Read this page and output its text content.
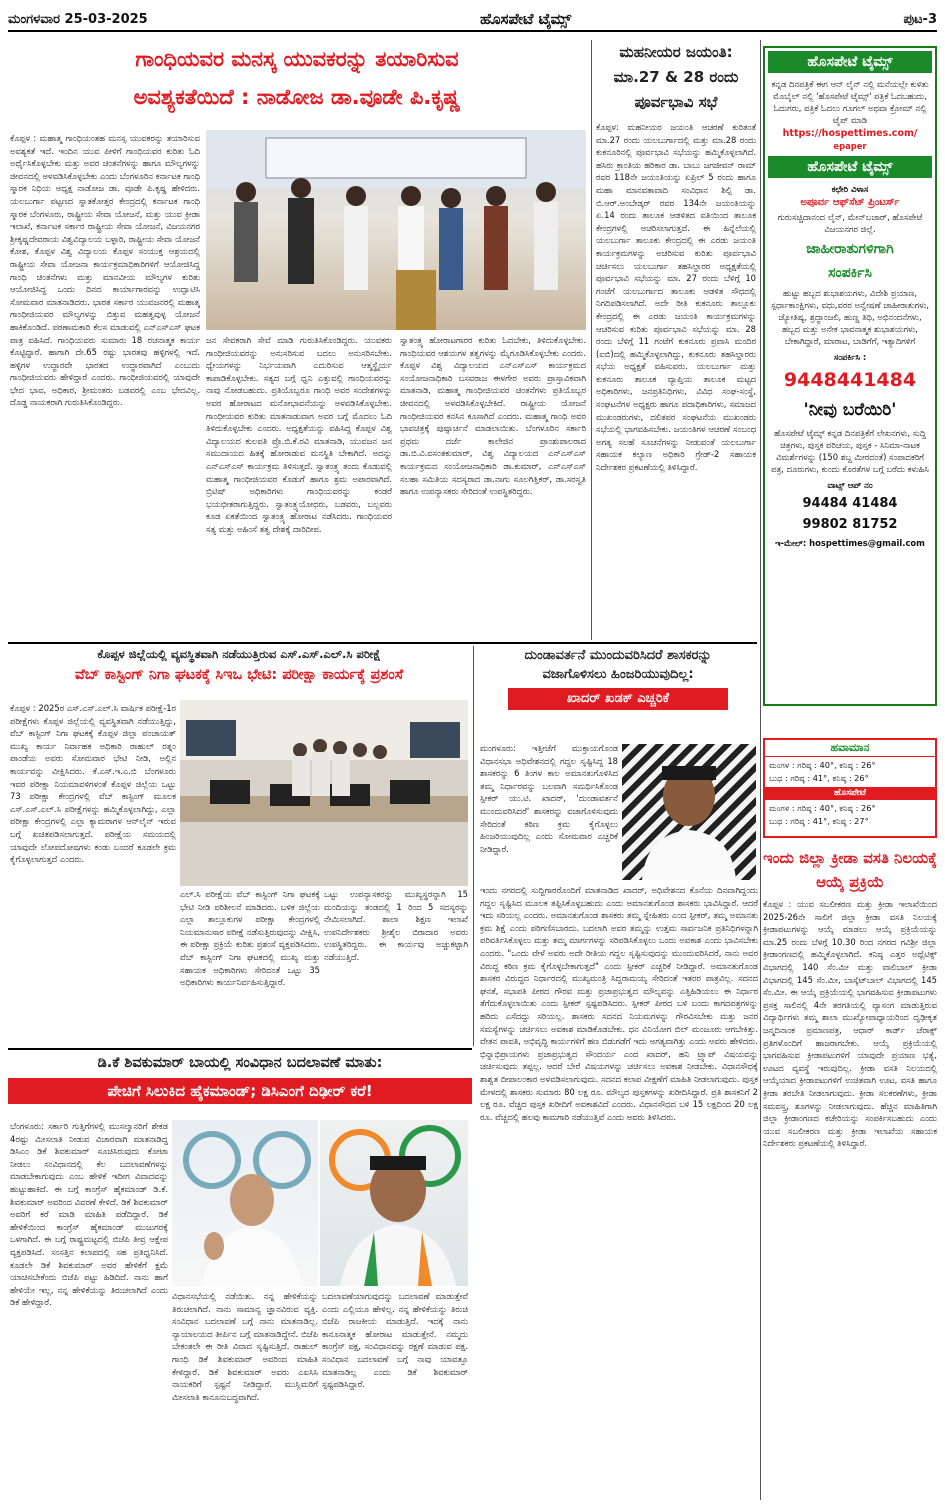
ಮಂಗಳವಾರ 25-03-2025	ಹೊಸಪೇಟೆ ಟೈಮ್ಸ್	ಪುಟ-3
ಗಾಂಧಿಯವರ ಮನಸ್ಕ ಯುವಕರನ್ನು ತಯಾರಿಸುವ
ಅವಶ್ಯಕತೆಯಿದೆ : ನಾಡೋಜ ಡಾ.ವೂಡೇ ಪಿ.ಕೃಷ್ಣ

ಕೊಪ್ಪಳ : ಮಹಾತ್ಮ ಗಾಂಧಿಯಂತಹ ಮನಸ್ಸ ಯುವಕರನ್ನು ತಯಾರಿಸುವ ಅವಶ್ಯಕತೆ ಇದೆ. ಇಂದಿನ ಯುವ ಪೀಳಿಗೆ ಗಾಂಧಿಯವರ ಕುರಿತು ಓದಿ ಅರ್ಥೈಸಿಕೊಳ್ಳಬೇಕು ಮತ್ತು ಅವರ ಚಿಂತನೆಗಳನ್ನು ಹಾಗೂ ಮೌಲ್ಯಗಳನ್ನು ಜೀವನದಲ್ಲಿ ಅಳವಡಿಸಿಕೊಳ್ಳಬೇಕು ಎಂದು ಬೆಂಗಳೂರಿನ ಕರ್ನಾಟಕ ಗಾಂಧಿ ಸ್ಮಾರಕ ನಿಧಿಯ ಅಧ್ಯಕ್ಷ ನಾಡೋಜ ಡಾ. ವೂಡೇ ಪಿ.ಕೃಷ್ಣ ಹೇಳಿದರು. ಯಲಬುರ್ಗಾ ಪಟ್ಟಣದ ಸ್ನಾತಕೋತ್ತರ ಕೇಂದ್ರದಲ್ಲಿ ಕರ್ನಾಟಕ ಗಾಂಧಿ ಸ್ಮಾರಕ ಬೆಂಗಳೂರು, ರಾಷ್ಟ್ರೀಯ ಸೇವಾ ಯೋಜನೆ, ಮತ್ತು ಯುವ ಕ್ರೀಡಾ ಇಲಾಖೆ, ಕರ್ನಾಟಕ ಸರ್ಕಾರ ರಾಷ್ಟ್ರೀಯ ಸೇವಾ ಯೋಜನೆ, ವಿಜಯನಗರ ಶ್ರೀಕೃಷ್ಣದೇವರಾಯ ವಿಶ್ವವಿದ್ಯಾಲಯ ಬಳ್ಳಾರಿ, ರಾಷ್ಟ್ರೀಯ ಸೇವಾ ಯೋಜನೆ ಕೋಶ, ಕೊಪ್ಪಳ ವಿಶ್ವ ವಿದ್ಯಾಲಯ ಕೊಪ್ಪಳ ಸಂಯುಕ್ತ ಆಶ್ರಯದಲ್ಲಿ ರಾಷ್ಟ್ರೀಯ ಸೇವಾ ಯೋಜನಾ ಕಾರ್ಯಕ್ರಮಾಧಿಕಾರಿಗಳಿಗೆ ಆಯೋಜಿಸಿದ್ದ ಗಾಂಧಿ ಚಿಂತನೆಗಳು ಮತ್ತು ಮಾನವೀಯ ಮೌಲ್ಯಗಳ ಕುರಿತು ಆಯೋಜಿಸಿದ್ದ ಒಂದು ದಿನದ ಕಾರ್ಯಾಗಾರವನ್ನು ಉದ್ಘಾಟಿಸಿ ಸೋಮವಾರ ಮಾತನಾಡಿದರು. ಭಾರತ ಸರ್ಕಾರ ಯುವಜನರಲ್ಲಿ ಮಹಾತ್ಮ ಗಾಂಧೀಜಿಯವರ ಮೌಲ್ಯಗಳನ್ನು ಬಿತ್ತುವ ಮಹತ್ವವುಳ್ಳ ಯೋಜನೆ ಹಾಕಿಕೊಂಡಿದೆ. ಪಠಣಾಮಕಾರಿ ಕೆಲಸ ಮಾಡುವಲ್ಲಿ ಎನ್‌ಎಸ್‌ಎಸ್ ಘಟಕ ಪಾತ್ರ ವಹಿಸಿದೆ. ಗಾಂಧಿಯವರು ಸುಮಾರು 18 ರಚನಾತ್ಮಕ ಕಾರ್ಯ ಕೊಟ್ಟಿದ್ದಾರೆ. ಹಾಗಾಗಿ ದೇ.65 ರಷ್ಟು ಭಾರತವು ಹಳ್ಳಿಗಳಲ್ಲಿ ಇದೆ. ಹಳ್ಳಿಗಳ ಉದ್ಧಾರವೇ ಭಾರತದ ಉದ್ಧಾರವಾಗಿದೆ ಎಂಬುದು ಗಾಂಧೀಜಿಯವರು ಹೇಳಿದ್ದಾರೆ ಎಂದರು. ಗಾಂಧೀಜಿಯವರಲ್ಲಿ ಯಾವುದೇ ಭೇದ ಭಾವ, ಅಧಿಕಾರ, ಶ್ರೀಮಂತರು ಬಡವರಲ್ಲಿ ಎಂಬ ಭೇದವಿಲ್ಲ. ದೊಡ್ಡ ನಾಯಕರಾಗಿ ಗುರುತಿಸಿಕೊಂಡಿದ್ದರು.

ಜನ ಸೇವಕರಾಗಿ ಸೇವೆ ಮಾಡಿ ಗುರುತಿಸಿಕೊಂಡಿದ್ದರು. ಯುವಕರು ಗಾಂಧೀಜಿಯವರನ್ನು ಅನುಸರಿಸುವ ಬದಲು ಅನುಸರಿಸಬೇಕು. ಧ್ಯೇಯಗಳನ್ನು ನಿರ್ಭಯವಾಗಿ ಎದುರಿಸುವ ಆತ್ಮಸ್ಥೈರ್ಯ ಕಾಪಾಡಿಕೊಳ್ಳಬೇಕು. ಸತ್ಯದ ಬಗ್ಗೆ ಧ್ವನಿ ಎತ್ತುವಲ್ಲಿ ಗಾಂಧಿಯವರನ್ನು ನಾವು ನೋಡಬಹುದು. ಪ್ರತಿಯೊಬ್ಬರೂ ಗಾಂಧಿ ಅವರ ಸಂದೇಶಗಳನ್ನು ಅವರ ಹೋರಾಟದ ಮನೋಭಾವನೆಯನ್ನು ಅಳವಡಿಸಿಕೊಳ್ಳಬೇಕು. ಗಾಂಧೀಯವರ ಕುರಿತು ಮಾತನಾಡುವಾಗ ಅವರ ಬಗ್ಗೆ ಮೊದಲು ಓದಿ ತಿಳಿದುಕೊಳ್ಳಬೇಕು ಎಂದರು. ಅಧ್ಯಕ್ಷತೆಯನ್ನು ವಹಿಸಿದ್ದ ಕೊಪ್ಪಳ ವಿಶ್ವ ವಿದ್ಯಾಲಯದ ಕುಲಪತಿ ಪ್ರೊ.ಬಿ.ಕೆ.ರವಿ ಮಾತನಾಡಿ, ಯುವಜನ ಜನ ಸಮುದಾಯದ ಹಿತಕ್ಕೆ ಹೋರಾಡುವ ಮನಸ್ಥಿತಿ ಬೇಕಾಗಿದೆ. ಅದನ್ನು ಎನ್‌ಎಸ್‌ಎಸ್ ಕಾರ್ಯಕ್ರಮ ತಿಳಿಸುತ್ತದೆ. ಸ್ವಾತಂತ್ರ್ಯ ತಂದು ಕೊಡುವಲ್ಲಿ ಮಹಾತ್ಮ ಗಾಂಧೀಜಿಯವರ ಕೊಡುಗೆ ಹಾಗೂ ಶ್ರಮ ಅಪಾರವಾಗಿದೆ. ಬ್ರಿಟಿಷ್ ಅಧಿಕಾರಿಗಳು ಗಾಂಧಿಯವರನ್ನು ಕಂಡರೆ ಭಯಭೀತರಾಗುತ್ತಿದ್ದರು. ಸ್ವಾತಂತ್ರ್ಯಯೋಧರು, ಬಡವರು, ಬಲ್ಲವರು ಕೂಡ ಏಕತೆಯಿಂದ ಸ್ವಾತಂತ್ರ್ಯ ಹೋರಾಟ ನಡೆಸಿದರು. ಗಾಂಧಿಯವರ ಸತ್ಯ ಮತ್ತು ಅಹಿಂಸೆ ತತ್ವ ದೇಶಕ್ಕೆ ದಾರಿದೀಪ.

ಸ್ವಾತಂತ್ರ್ಯ ಹೋರಾಟಗಾರರ ಕುರಿತು ಓದಬೇಕು, ತಿಳಿದುಕೊಳ್ಳಬೇಕು. ಗಾಂಧಿಯವರ ಆಶಯಗಳ ತತ್ವಗಳನ್ನು ಮೈಗೂಡಿಸಿಕೊಳ್ಳಬೇಕು ಎಂದರು. ಕೊಪ್ಪಳ ವಿಶ್ವ ವಿದ್ಯಾಲಯದ ಎನ್‌ಎಸ್‌ಎಸ್ ಕಾರ್ಯಕ್ರಮದ ಸಂಯೋಜನಾಧಿಕಾರಿ ಬಸವರಾಜ ಈಳಗೇರ ಅವರು ಪ್ರಾಸ್ತಾವಿಕವಾಗಿ ಮಾತನಾಡಿ, ಮಹಾತ್ಮ ಗಾಂಧೀಜಿಯವರ ಚಿಂತನೆಗಳು ಪ್ರತಿಯೊಬ್ಬರ ಜೀವನದಲ್ಲಿ ಅಳವಡಿಸಿಕೊಳ್ಳಬೇಕಿದೆ. ರಾಷ್ಟ್ರೀಯ ಯೋಜನೆ ಗಾಂಧೀಜಿಯವರ ಕನಸಿನ ಕೂಸಾಗಿದೆ ಎಂದರು. ಮಹಾತ್ಮ ಗಾಂಧಿ ಅವರ ಭಾವಚಿತ್ರಕ್ಕೆ ಪುಷ್ಪಾರ್ಚನೆ ಮಾಡಲಾಯಿತು. ಬೆಂಗಳೂರಿನ ಸರ್ಕಾರಿ ಪ್ರಥಮ ದರ್ಜೆ ಕಾಲೇಜಿನ ಪ್ರಾಂಶುಪಾಲರಾದ ಡಾ.ಬಿ.ವಿ.ವಸಂತಕುಮಾರ್, ವಿಶ್ವ ವಿದ್ಯಾಲಯದ ಎನ್‌ಎಸ್‌ಎಸ್ ಕಾರ್ಯಕ್ರಮದ ಸಂಯೋಜನಾಧಿಕಾರಿ ಡಾ.ಕುಮಾರ್, ಎನ್‌ಎಸ್‌ಎಸ್ ಸಲಹಾ ಸಮಿತಿಯ ಸದಸ್ಯರಾದ ಡಾ.ನಾಗು ಸೂಲಗಿತ್ತಿಕರ್, ಡಾ.ಸರಸ್ವತಿ ಹಾಗೂ ಉಪನ್ಯಾಸಕರು ಸೇರಿದಂತೆ ಉಪಸ್ಥಿತರಿದ್ದರು.

ಮಹನೀಯರ ಜಯಂತಿ: ಮಾ.27 & 28 ರಂದು ಪೂರ್ವಭಾವಿ ಸಭೆ

ಕೊಪ್ಪಳ: ಮಹನೀಯರ ಜಯಂತಿ ಆಚರಣೆ ಕುರಿತಂತೆ ಮಾ.27 ರಂದು ಯಲಬುರ್ಗಾದಲ್ಲಿ ಮತ್ತು ಮಾ.28 ರಂದು ಕುಕನೂರಿನಲ್ಲಿ ಪೂರ್ವಭಾವಿ ಸಭೆಯನ್ನು ಹಮ್ಮಿಕೊಳ್ಳಲಾಗಿದೆ. ಹಸಿರು ಕ್ರಾಂತಿಯ ಹರಿಕಾರ ಡಾ. ಬಾಬು ಜಗಜೀವನ್ ರಾಮ್ ರವರ 118ನೇ ಜಯಂತಿಯನ್ನು ಏಪ್ರಿಲ್ 5 ರಂದು ಹಾಗೂ ಮಹಾ ಮಾನವತಾವಾದಿ ಸಂವಿಧಾನ ಶಿಲ್ಪಿ ಡಾ. ಬಿ.ಆರ್.ಅಂಬೇಡ್ಕರ್ ರವರ 134ನೇ ಜಯಂತಿಯನ್ನು ಏ.14 ರಂದು ತಾಲೂಕ ಆಡಳಿತದ ವತಿಯಿಂದ ತಾಲೂಕ ಕೇಂದ್ರಗಳಲ್ಲಿ ಆಚರಿಸಲಾಗುತ್ತದೆ. ಈ ಹಿನ್ನೆಲೆಯಲ್ಲಿ ಯಲಬುರ್ಗಾ ತಾಲೂಕು ಕೇಂದ್ರದಲ್ಲಿ ಈ ಎರಡು ಜಯಂತಿ ಕಾರ್ಯಕ್ರಮಗಳನ್ನು ಅಚರಿಸುವ ಕುರಿತು ಪೂರ್ವಭಾವಿ ಚರ್ಚಿಸಲು ಯಲಬುರ್ಗಾ ತಹಸಿಲ್ದಾರರ ಅಧ್ಯಕ್ಷತೆಯಲ್ಲಿ ಪೂರ್ವಭಾವಿ ಸಭೆಯನ್ನು ಮಾ. 27 ರಂದು ಬೆಳಿಗ್ಗೆ 10 ಗಂಟೆಗೆ ಯಲಬುರ್ಗಾದ ತಾಲೂಕು ಆಡಳಿತ ಸೌಧದಲ್ಲಿ ನಿಗದಿಪಡಿಸಲಾಗಿದೆ. ಅದೇ ರೀತಿ ಕುಕನೂರು ತಾಲ್ಲೂಕು ಕೇಂದ್ರದಲ್ಲಿ ಈ ಎರಡು ಜಯಂತಿ ಕಾರ್ಯಕ್ರಮಗಳನ್ನು ಆಚರಿಸುವ ಕುರಿತು ಪೂರ್ವಭಾವಿ ಸಭೆಯನ್ನು ಮಾ. 28 ರಂದು ಬೆಳಿಗ್ಗೆ 11 ಗಂಟೆಗೆ ಕುಕನೂರು ಪ್ರವಾಸಿ ಮಂದಿರ (ಐಬಿ)ದಲ್ಲಿ ಹಮ್ಮಿಕೊಳ್ಳಲಾಗಿದ್ದು, ಕುಕನೂರು ತಹಸಿಲ್ದಾರರು ಸಭೆಯ ಅಧ್ಯಕ್ಷತೆ ವಹಿಸುವರು. ಯಲಬುರ್ಗಾ ಮತ್ತು ಕುಕನೂರು ತಾಲೂಕ ವ್ಯಾಪ್ತಿಯ ತಾಲೂಕ ಮಟ್ಟದ ಅಧಿಕಾರಿಗಳು, ಜನಪ್ರತಿನಿಧಿಗಳು, ವಿವಿಧ ಸಂಘ-ಸಂಸ್ಥೆ, ಸಂಘಟನೆಗಳ ಅಧ್ಯಕ್ಷರು ಹಾಗೂ ಪದಾಧಿಕಾರಿಗಳು, ಸಮಾಜದ ಮುಖಂಡರುಗಳು, ದಲಿತಪರ ಸಂಘಟನೆಯ ಮುಖಂಡರು ಸಭೆಯಲ್ಲಿ ಭಾಗವಹಿಸಬೇಕು. ಜಯಂತಿಗಳ ಆಚರಣೆ ಸಂಬಂಧ ಅಗತ್ಯ ಸಲಹೆ ಸೂಚನೆಗಳನ್ನು ನೀಡುವಂತೆ ಯಲಬುರ್ಗಾ ಸಹಾಯಕ ಕಲ್ಯಾಣ ಅಧಿಕಾರಿ ಗ್ರೇಡ್-2 ಸಹಾಯಕ ನಿರ್ದೇಶಕರ ಪ್ರಕಟಣೆಯಲ್ಲಿ ತಿಳಿಸಿದ್ದಾರೆ.

ಕೊಪ್ಪಳ ಜಿಲ್ಲೆಯಲ್ಲಿ ವ್ಯವಸ್ಥಿತವಾಗಿ ನಡೆಯುತ್ತಿರುವ ಎಸ್.ಎಸ್.ಎಲ್.ಸಿ ಪರೀಕ್ಷೆ
ವೆಬ್ ಕಾಸ್ಟಿಂಗ್ ನಿಗಾ ಘಟಕಕ್ಕೆ ಸಿಇಒ ಭೇಟಿ: ಪರೀಕ್ಷಾ ಕಾರ್ಯಕ್ಕೆ ಪ್ರಶಂಸೆ

ಕೊಪ್ಪಳ : 2025ರ ಎಸ್.ಎಸ್.ಎಲ್.ಸಿ ವಾರ್ಷಿಕ ಪರೀಕ್ಷೆ-1ರ ಪರೀಕ್ಷೆಗಳು ಕೊಪ್ಪಳ ಜಿಲ್ಲೆಯಲ್ಲಿ ವ್ಯವಸ್ಥಿತವಾಗಿ ನಡೆಯುತ್ತಿದ್ದು, ವೆಬ್ ಕಾಸ್ಟಿಂಗ್ ನಿಗಾ ಘಟಕಕ್ಕೆ ಕೊಪ್ಪಳ ಜಿಲ್ಲಾ ಪಂಚಾಯತ್ ಮುಖ್ಯ ಕಾರ್ಯ ನಿರ್ವಾಹಕ ಅಧಿಕಾರಿ ರಾಹುಲ್ ರತ್ನಂ ಪಾಂಡೆಯ ಅವರು ಸೋಮವಾರ ಭೇಟಿ ನೀಡಿ, ಅಲ್ಲಿನ ಕಾರ್ಯವನ್ನು ವೀಕ್ಷಿಸಿದರು. ಕೆ.ಎಸ್.ಇ.ಎ.ಬಿ ಬೆಂಗಳೂರು ಇವರ ಪರೀಕ್ಷಾ ನಿಯಮಾವಳಿಗಳಂತೆ ಕೊಪ್ಪಳ ಜಿಲ್ಲೆಯ ಒಟ್ಟು 73 ಪರೀಕ್ಷಾ ಕೇಂದ್ರಗಳಲ್ಲಿ ವೆಬ್ ಕಾಸ್ಟಿಂಗ್ ಮೂಲಕ ಎಸ್.ಎಸ್.ಎಲ್.ಸಿ ಪರೀಕ್ಷೆಗಳನ್ನು ಹಮ್ಮಿಕೊಳ್ಳಲಾಗಿದ್ದು, ಎಲ್ಲಾ ಪರೀಕ್ಷಾ ಕೇಂದ್ರಗಳಲ್ಲಿ ಎಲ್ಲಾ ಕ್ಯಾಮರಾಗಳ ಆನ್‌ಲೈನ್ ಇರುವ ಬಗ್ಗೆ ಖಚಿತಪಡಿಸಲಾಗುತ್ತದೆ. ಪರೀಕ್ಷೆಯ ಸಮಯದಲ್ಲಿ ಯಾವುದೇ ಲೋಪದೋಷಗಳು ಕಂಡು ಬಂದರೆ ಕೂಡಲೇ ಕ್ರಮ ಕೈಗೊಳ್ಳಲಾಗುತ್ತದೆ ಎಂದರು.

ಎಲ್.ಸಿ ಪರೀಕ್ಷೆಯ ವೆಬ್ ಕಾಸ್ಟಿಂಗ್ ನಿಗಾ ಘಟಕಕ್ಕೆ ಭೇಟಿ ನೀಡಿ ಪರಿಶೀಲನೆ ಮಾಡಿದರು. ಬಳಿಕ ಜಿಲ್ಲೆಯ ಎಲ್ಲಾ ತಾಲ್ಲೂಕುಗಳ ಪರೀಕ್ಷಾ ಕೇಂದ್ರಗಳಲ್ಲಿ ನಿಯಮಾನುಸಾರ ಪರೀಕ್ಷೆ ನಡೆಸುತ್ತಿರುವುದನ್ನು ವೀಕ್ಷಿಸಿ, ಈ ಪರೀಕ್ಷಾ ಪ್ರಕ್ರಿಯೆ ಕುರಿತು ಪ್ರಶಂಸೆ ವ್ಯಕ್ತಪಡಿಸಿದರು. ವೆಬ್ ಕಾಸ್ಟಿಂಗ್ ನಿಗಾ ಘಟಕದಲ್ಲಿ ಮುಖ್ಯ ಮತ್ತು ಸಹಾಯಕ ಅಧಿಕಾರಿಗಳು ಸೇರಿದಂತೆ ಒಟ್ಟು 35 ಅಧಿಕಾರಿಗಳು ಕಾರ್ಯನಿರ್ವಹಿಸುತ್ತಿದ್ದಾರೆ.

ಒಟ್ಟು ಉಪನ್ಯಾಸಕರನ್ನು ಮುಖ್ಯಸ್ಥರನ್ನಾಗಿ 15 ಮಂದಿಯನ್ನು ತಂಡದಲ್ಲಿ 1 ರಿಂದ 5 ಸದಸ್ಯರನ್ನು ನೇಮಿಸಲಾಗಿದೆ. ಶಾಲಾ ಶಿಕ್ಷಣ ಇಲಾಖೆ ಉಪನಿರ್ದೇಶಕರು ಶ್ರೀಶೈಲ ಬಿರಾದಾರ ಅವರು ಉಪಸ್ಥಿತರಿದ್ದರು. ಈ ಕಾರ್ಯವು ಅಚ್ಚುಕಟ್ಟಾಗಿ ನಡೆಯುತ್ತಿದೆ.

ದುಂಡಾವರ್ತನೆ ಮುಂದುವರಿಸಿದರೆ ಶಾಸಕರನ್ನು
ವಜಾಗೊಳಿಸಲು ಹಿಂಜರಿಯುವುದಿಲ್ಲ:
ಖಾದರ್ ಖಡಕ್ ಎಚ್ಚರಿಕೆ

ಮಂಗಳೂರು: ಇತ್ತೀಚೆಗೆ ಮುಕ್ತಾಯಗೊಂಡ ವಿಧಾನಸಭಾ ಅಧಿವೇಶನದಲ್ಲಿ ಗದ್ದಲ ಸೃಷ್ಟಿಸಿದ್ದ 18 ಶಾಸಕರನ್ನು 6 ತಿಂಗಳ ಕಾಲ ಅಮಾನತುಗೊಳಿಸಿದ ತಮ್ಮ ನಿರ್ಧಾರವನ್ನು ಬಲವಾಗಿ ಸಮರ್ಥಿಸಿಕೊಂಡ ಸ್ಪೀಕರ್ ಯು.ಟಿ. ಖಾದರ್, 'ದುಂಡಾವರ್ತನೆ ಮುಂದುವರಿಸಿದರೆ' ಶಾಸಕರನ್ನು ವಜಾಗೊಳಿಸುವುದು ಸೇರಿದಂತೆ ಕಠಿಣ ಕ್ರಮ ಕೈಗೊಳ್ಳಲು ಹಿಂಜರಿಯುವುದಿಲ್ಲ ಎಂದು ಸೋಮವಾರ ಎಚ್ಚರಿಕೆ ನೀಡಿದ್ದಾರೆ.

ಇಂದು ನಗರದಲ್ಲಿ ಸುದ್ದಿಗಾರರೊಂದಿಗೆ ಮಾತನಾಡಿದ ಖಾದರ್, ಅಧಿವೇಶನದ ಕೊನೆಯ ದಿನವಾಗಿದ್ದಂದು ಗದ್ದಲ ಸೃಷ್ಟಿಸಿದ ಮೂಲಕ ತಪ್ಪಿಸಿಕೊಳ್ಳಬಹುದು ಎಂದು ಅಮಾನತುಗೊಂಡ ಶಾಸಕರು ಭಾವಿಸಿದ್ದಾರೆ. ಆದರೆ ಇದು ಸರಿಯಲ್ಲ ಎಂದರು. ಅಮಾನತುಗೊಂಡ ಶಾಸಕರು ತಮ್ಮ ಸ್ನೇಹಿತರು ಎಂದ ಸ್ಪೀಕರ್, ತಮ್ಮ ಅಮಾನತು ಕ್ರಮ ಶಿಕ್ಷೆ ಎಂದು ಪರಿಗಣಿಸಬಾರದು. ಬದಲಾಗಿ ಅವರ ತಮ್ಮನ್ನು ಉತ್ತಮ ಸಾರ್ವಜನಿಕ ಪ್ರತಿನಿಧಿಗಳನ್ನಾಗಿ ಪರಿವರ್ತಿಸಿಕೊಳ್ಳಲು ಮತ್ತು ತಮ್ಮ ಮಾರ್ಗಗಳನ್ನು ಸರಿಪಡಿಸಿಕೊಳ್ಳಲು ಒಂದು ಅವಕಾಶ ಎಂದು ಭಾವಿಸಬೇಕು ಎಂದರು. "ಒಂದು ವೇಳೆ ಅವರು ಅದೇ ರೀತಿಯ ಗದ್ದಲ ಸೃಷ್ಟಿಸುವುದನ್ನು ಮುಂದುವರಿಸಿದರೆ, ನಾನು ಅವರ ವಿರುದ್ಧ ಕಠಿಣ ಕ್ರಮ ಕೈಗೊಳ್ಳಬೇಕಾಗುತ್ತದೆ" ಎಂದು ಸ್ಪೀಕರ್ ಎಚ್ಚರಿಕೆ ನೀಡಿದ್ದಾರೆ. ಅಮಾನತುಗೊಂಡ ಶಾಸಕರ ವಿರುದ್ಧದ ನಿರ್ಧಾರದಲ್ಲಿ ಮುಖ್ಯಮಂತ್ರಿ ಸಿದ್ದರಾಮಯ್ಯ ಸೇರಿದಂತೆ ಇತರರ ಪಾತ್ರವಿಲ್ಲ. ಸದನದ ಘನತೆ, ಸಭಾಪತಿ ಪೀಠದ ಗೌರವ ಮತ್ತು ಪ್ರಜಾಪ್ರಭುತ್ವದ ಮೌಲ್ಯವನ್ನು ಎತ್ತಿಹಿಡಿಯಲು ಈ ನಿರ್ಧಾರ ತೆಗೆದುಕೊಳ್ಳಲಾಯಿತು ಎಂದು ಸ್ಪೀಕರ್ ಸ್ಪಷ್ಟಪಡಿಸಿದರು. ಸ್ಪೀಕರ್ ಪೀಠದ ಬಳಿ ಬಂದು ಕಾಗದಪತ್ರಗಳನ್ನು ಹರಿದು ಎಸೆದದ್ದು ಸರಿಯಲ್ಲ. ಶಾಸಕರು ಸದನದ ನಿಯಮಗಳನ್ನು ಗೌರವಿಸಬೇಕು ಮತ್ತು ಜನರ ಸಮಸ್ಯೆಗಳನ್ನು ಚರ್ಚಿಸಲು ಅವಕಾಶ ಮಾಡಿಕೊಡಬೇಕು. ಧನ ವಿನಿಯೋಗ ಬಿಲ್ ಮಂಜೂರು ಆಗಬೇಕಿತ್ತು. ವೇತನ ಪಾವತಿ, ಅಭಿವೃದ್ಧಿ ಕಾರ್ಯಗಳಿಗೆ ಹಣ ಬಿಡುಗಡೆಗೆ ಇದು ಅಗತ್ಯವಾಗಿತ್ತು ಎಂದು ಅವರು ಹೇಳಿದರು. ಭಿನ್ನಾಭಿಪ್ರಾಯಗಳು ಪ್ರಜಾಪ್ರಭುತ್ವದ ಸೌಂದರ್ಯ ಎಂದ ಖಾದರ್, ಹನಿ ಟ್ರ್ಯಾಪ್ ವಿಷಯವನ್ನು ಚರ್ಚಿಸುವುದು ತಪ್ಪಲ್ಲ. ಆದರೆ ಬೇರೆ ವಿಷಯಗಳನ್ನು ಚರ್ಚಿಸಲು ಅವಕಾಶ ನೀಡಬೇಕು. ವಿಧಾನಸೌಧಕ್ಕೆ ಶಾಶ್ವತ ದೀಪಾಲಂಕಾರ ಅಳವಡಿಸಲಾಗುವುದು. ಸದನದ ಕಲಾಪ ವೀಕ್ಷಣೆಗೆ ಮಾಹಿತಿ ನೀಡಲಾಗುವುದು. ಪುಸ್ತಕ ಮೇಳದಲ್ಲಿ ಶಾಸಕರು ಸುಮಾರು 80 ಲಕ್ಷ ರೂ. ಮೌಲ್ಯದ ಪುಸ್ತಕಗಳನ್ನು ಖರೀದಿಸಿದ್ದಾರೆ. ಪ್ರತಿ ಶಾಸಕನಿಗೆ 2 ಲಕ್ಷ ರೂ. ವೆಚ್ಚದ ಪುಸ್ತಕ ಖರೀದಿಗೆ ಅವಕಾಶವಿದೆ ಎಂದರು. ವಿಧಾನಸೌಧದ ಬಳಿ 15 ಲಕ್ಷದಿಂದ 20 ಲಕ್ಷ ರೂ. ವೆಚ್ಚದಲ್ಲಿ ಹಲವು ಕಾಮಗಾರಿ ನಡೆಯುತ್ತಿವೆ ಎಂದು ಅವರು ತಿಳಿಸಿದರು.

ಡಿ.ಕೆ ಶಿವಕುಮಾರ್ ಬಾಯಲ್ಲಿ ಸಂವಿಧಾನ ಬದಲಾವಣೆ ಮಾತು:
ಪೇಚಿಗೆ ಸಿಲುಕಿದ ಹೈಕಮಾಂಡ್; ಡಿಸಿಎಂಗೆ ದಿಢೀರ್ ಕರೆ!

ಬೆಂಗಳೂರು: ಸರ್ಕಾರಿ ಗುತ್ತಿಗೆಗಳಲ್ಲಿ ಮುಸಲ್ಮಾನರಿಗೆ ಶೇಕಡ 4ರಷ್ಟು ಮೀಸಲಾತಿ ನೀಡುವ ವಿಚಾರವಾಗಿ ಮಾತನಾಡಿದ್ದ ಡಿಸಿಎಂ ಡಿಕೆ ಶಿವಕುಮಾರ್ ಸೂಚಿಸಿರುವುದು ಕೋಟಾ ನೀಡಲು ಸಂವಿಧಾನದಲ್ಲಿ ಕೆಲ ಬದಲಾವಣೆಗಳನ್ನು ಮಾಡಬೇಕಾಗುವುದು ಎಂಬ ಹೇಳಿಕೆ ಇದೀಗ ವಿವಾದವನ್ನು ಹುಟ್ಟುಹಾಕಿದೆ. ಈ ಬಗ್ಗೆ ಕಾಂಗ್ರೆಸ್ ಹೈಕಮಾಂಡ್ ಡಿ.ಕೆ. ಶಿವಕುಮಾರ್ ಅವರಿಂದ ವಿವರಣೆ ಕೇಳಿದೆ. ಡಿಕೆ ಶಿವಕುಮಾರ್ ಅವರಿಗೆ ಕರೆ ಮಾಡಿ ಮಾಹಿತಿ ಪಡೆದಿದ್ದಾರೆ. ಡಿಕೆ ಹೇಳಿಕೆಯಿಂದ ಕಾಂಗ್ರೆಸ್ ಹೈಕಮಾಂಡ್ ಮುಜುಗರಕ್ಕೆ ಒಳಗಾಗಿದೆ. ಈ ಬಗ್ಗೆ ರಾಷ್ಟ್ರಮಟ್ಟದಲ್ಲಿ ಬಿಜೆಪಿ ತೀವ್ರ ಆಕ್ಷೇಪ ವ್ಯಕ್ತಪಡಿಸಿದೆ. ಸಂಸತ್ತಿನ ಕಲಾಪದಲ್ಲಿ ಸಹ ಪ್ರತಿಧ್ವನಿಸಿದೆ. ಕೂಡಲೇ ಡಿಕೆ ಶಿವಕುಮಾರ್ ಅವರ ಹೇಳಿಕೆಗೆ ಕ್ಷಮೆ ಯಾಚಿಸಬೇಕೆಂದು ಬಿಜೆಪಿ ಪಟ್ಟು ಹಿಡಿದಿದೆ. ನಾನು ಹಾಗೆ ಹೇಳಿಯೇ ಇಲ್ಲ, ನನ್ನ ಹೇಳಿಕೆಯನ್ನು ತಿರುಚಲಾಗಿದೆ ಎಂದು ಡಿಕೆ ಹೇಳಿದ್ದಾರೆ.

ವಿಧಾನಸಭೆಯಲ್ಲಿ ನಡೆಯಿತು. ನನ್ನ ಹೇಳಿಕೆಯನ್ನು ತಿರುಚಲಾಗಿದೆ. ನಾನು ಸಾಮಾನ್ಯ ಜ್ಞಾನವಿರುವ ವ್ಯಕ್ತಿ. ಸಂವಿಧಾನ ಬದಲಾವಣೆ ಬಗ್ಗೆ ನಾನು ಮಾತನಾಡಿಲ್ಲ. ನ್ಯಾಯಾಲಯದ ತೀರ್ಪಿನ ಬಗ್ಗೆ ಮಾತನಾಡಿದ್ದೇನೆ. ಬಿಜೆಪಿ ಬೇಕಂತಲೇ ಈ ರೀತಿ ವಿವಾದ ಸೃಷ್ಟಿಸುತ್ತಿದೆ. ರಾಹುಲ್ ಗಾಂಧಿ ಡಿಕೆ ಶಿವಕುಮಾರ್ ಅವರಿಂದ ಮಾಹಿತಿ ಕೇಳಿದ್ದಾರೆ. ಡಿಕೆ ಶಿವಕುಮಾರ್ ಅವರು ಎಐಸಿಸಿ ನಾಯಕರಿಗೆ ಸ್ಪಷ್ಟನೆ ನೀಡಿದ್ದಾರೆ. ಮುಸ್ಲಿಮರಿಗೆ ಮೀಸಲಾತಿ ಕಾನೂನುಬದ್ಧವಾಗಿದೆ.

ಬದಲಾವಣೆಯಾಗುವುದನ್ನು ಬದಲಾವಣೆ ಮಾಡುತ್ತೇವೆ ಎಂದು ಎಲ್ಲಿಯೂ ಹೇಳಿಲ್ಲ. ನನ್ನ ಹೇಳಿಕೆಯನ್ನು ತಿರುಚಿ ಬಿಜೆಪಿ ರಾಜಕೀಯ ಮಾಡುತ್ತಿದೆ. ಇದಕ್ಕೆ ನಾನು ಕಾನೂನಾತ್ಮಕ ಹೋರಾಟ ಮಾಡುತ್ತೇನೆ. ನಮ್ಮದು ಕಾಂಗ್ರೆಸ್ ಪಕ್ಷ, ಸಂವಿಧಾನವನ್ನು ರಕ್ಷಣೆ ಮಾಡುವ ಪಕ್ಷ. ಸಂವಿಧಾನ ಬದಲಾವಣೆ ಬಗ್ಗೆ ನಾವು ಯಾವತ್ತೂ ಮಾತನಾಡಿಲ್ಲ ಎಂದು ಡಿಕೆ ಶಿವಕುಮಾರ್ ಸ್ಪಷ್ಟಪಡಿಸಿದ್ದಾರೆ.

ಹೊಸಪೇಟೆ ಟೈಮ್ಸ್
ಕನ್ನಡ ದಿನಪತ್ರಿಕೆ ಈಗ ಆನ್ ಲೈನ್ ನಲ್ಲಿ ಮನೆಯಲ್ಲೇ ಕುಳಿತು ಮೊಬೈಲ್ ನಲ್ಲಿ 'ಹೊಸಪೇಟೆ ಟೈಮ್ಸ್' ಪತ್ರಿಕೆ ಓದಬಹುದು, ಓದುಗರು, ಪತ್ರಿಕೆ ಓದಲು ಗೂಗಲ್ ಅಥವಾ ಕ್ರೋಮ್ ನಲ್ಲಿ ಟೈಪ್ ಮಾಡಿ
https://hospettimes.com/
epaper
ಹೊಸಪೇಟೆ ಟೈಮ್ಸ್
ಕಛೇರಿ ವಿಳಾಸ
ಅಪೂರ್ವ ಆಫ್‌ಸೆಟ್ ಪ್ರಿಂಟರ್ಸ್
ಗುರುಸಚ್ಚಿದಾನಂದ ಲೈನ್, ಮೇನ್‌ಬಜಾರ್, ಹೊಸಪೇಟೆ ವಿಜಯನಗರ ಜಿಲ್ಲೆ.
ಜಾಹೀರಾತುಗಳಿಗಾಗಿ
ಸಂಪರ್ಕಿಸಿ
ಹುಟ್ಟು ಹಬ್ಬದ ಶುಭಾಶಯಗಳು, ವಿದೇಶಿ ಪ್ರಯಾಣ, ಸ್ಪರ್ಧಾಕಾಂಕ್ಷಿಗಳು, ವಧು,ವರರ ಅನ್ವೇಷಣೆ ಜಾಹೀರಾತುಗಳು, ಜ್ಯೋತಿಷ್ಯ, ಶ್ರದ್ಧಾಂಜಲಿ, ಹುಣ್ಣ ತಿಥಿ, ಅಭಿನಂದನೆಗಳು, ಹಬ್ಬದ ಮತ್ತು ಅನೇಕ ಭಾವನಾತ್ಮಕ ಶುಭಾಶಯಗಳು, ಬೇಕಾಗಿದ್ದಾರೆ, ಮಾರಾಟ, ಬಾಡಿಗೆಗೆ, ಇತ್ಯಾದಿಗಳಿಗೆ
ಸಂಪರ್ಕಿಸಿ :
9448441484
'ನೀವು ಬರೆಯಿರಿ'
ಹೊಸಪೇಟೆ ಟೈಮ್ಸ್ ಕನ್ನಡ ದಿನಪತ್ರಿಕೆಗೆ ಲೇಖನಗಳು, ಸುದ್ದಿ ಚಿತ್ರಗಳು, ಪುಸ್ತಕ ಪರಿಚಯ, ಪುಸ್ತಕ - ಸಿನಿಮಾ-ನಾಟಕ ವಿಮರ್ಶೆಗಳನ್ನು (150 ಶಬ್ದ ಮೀರದಂತೆ) ಸಂಪಾದಕರಿಗೆ ಪತ್ರ, ದೂರುಗಳು, ಕುಂದು ಕೊರತೆಗಳ ಬಗ್ಗೆ ಬರೆದು ಕಳುಹಿಸಿ
ವಾಟ್ಸ್ ಆಪ್ ನಂ
94484 41484
99802 81752
ಇ-ಮೇಲ್: hospettimes@gmail.com
ಹವಾಮಾನ
ಮಂಗಳ : ಗರಿಷ್ಠ : 40°, ಕನಿಷ್ಠ : 26°
ಬುಧ : ಗರಿಷ್ಠ : 41°, ಕನಿಷ್ಠ : 26°
ಹೊಸಪೇಟೆ
ಮಂಗಳ : ಗರಿಷ್ಠ : 40°, ಕನಿಷ್ಠ : 26°
ಬುಧ : ಗರಿಷ್ಠ : 41°, ಕನಿಷ್ಠ : 27°
ಇಂದು ಜಿಲ್ಲಾ ಕ್ರೀಡಾ ವಸತಿ ನಿಲಯಕ್ಕೆ ಆಯ್ಕೆ ಪ್ರಕ್ರಿಯೆ

ಕೊಪ್ಪಳ : ಯುವ ಸಬಲೀಕರಣ ಮತ್ತು ಕ್ರೀಡಾ ಇಲಾಖೆಯಿಂದ 2025-26ನೇ ಸಾಲಿಗೆ ಜಿಲ್ಲಾ ಕ್ರೀಡಾ ವಸತಿ ನಿಲಯಕ್ಕೆ ಕ್ರೀಡಾಪಟುಗಳನ್ನು ಆಯ್ಕೆ ಮಾಡಲು ಆಯ್ಕೆ ಪ್ರಕ್ರಿಯೆಯನ್ನು ಮಾ.25 ರಂದು ಬೆಳಗ್ಗೆ 10.30 ರಿಂದ ನಗರದ ಗವಿಶ್ರೀ ಜಿಲ್ಲಾ ಕ್ರೀಡಾಂಗಣದಲ್ಲಿ ಹಮ್ಮಿಕೊಳ್ಳಲಾಗಿದೆ. ಕನಿಷ್ಠ ಎತ್ತರ ಅಥ್ಲೆಟಿಕ್ಸ್ ವಿಭಾಗದಲ್ಲಿ 140 ಸೆಂ.ಮೀ ಮತ್ತು ವಾಲಿಬಾಲ್ ಕ್ರೀಡಾ ವಿಭಾಗದಲ್ಲಿ 145 ಸೆಂ.ಮೀ, ಬಾಸ್ಕೆಟ್‌ಬಾಲ್ ವಿಭಾಗದಲ್ಲಿ 145 ಸೆಂ.ಮೀ. ಈ ಆಯ್ಕೆ ಪ್ರಕ್ರಿಯೆಯಲ್ಲಿ ಭಾಗವಹಿಸುವ ಕ್ರೀಡಾಪಟುಗಳು ಪ್ರಸಕ್ತ ಸಾಲಿನಲ್ಲಿ 4ನೇ ತರಗತಿಯಲ್ಲಿ ವ್ಯಾಸಂಗ ಮಾಡುತ್ತಿರುವ ವಿದ್ಯಾರ್ಥಿಗಳು ತಮ್ಮ ಶಾಲಾ ಮುಖ್ಯೋಪಾಧ್ಯಾಯರಿಂದ ದೃಢೀಕೃತ ಜನ್ಮದಿನಾಂಕ ಪ್ರಮಾಣಪತ್ರ, ಆಧಾರ್ ಕಾರ್ಡ್ ಜೆರಾಕ್ಸ್ ಪ್ರತಿಗಳೊಂದಿಗೆ ಹಾಜರಾಗಬೇಕು. ಆಯ್ಕೆ ಪ್ರಕ್ರಿಯೆಯಲ್ಲಿ ಭಾಗವಹಿಸುವ ಕ್ರೀಡಾಪಟುಗಳಿಗೆ ಯಾವುದೇ ಪ್ರಯಾಣ ಭತ್ಯೆ, ಊಟದ ವ್ಯವಸ್ಥೆ ಇರುವುದಿಲ್ಲ. ಕ್ರೀಡಾ ವಸತಿ ನಿಲಯದಲ್ಲಿ ಆಯ್ಕೆಯಾದ ಕ್ರೀಡಾಪಟುಗಳಿಗೆ ಉಚಿತವಾಗಿ ಊಟ, ವಸತಿ ಹಾಗೂ ಕ್ರೀಡಾ ತರಬೇತಿ ನೀಡಲಾಗುವುದು. ಕ್ರೀಡಾ ಸಲಕರಣೆಗಳು, ಕ್ರೀಡಾ ಸಮವಸ್ತ್ರ, ಶೂಗಳನ್ನು ನೀಡಲಾಗುವುದು. ಹೆಚ್ಚಿನ ಮಾಹಿತಿಗಾಗಿ ಜಿಲ್ಲಾ ಕ್ರೀಡಾಂಗಣದ ಕಚೇರಿಯನ್ನು ಸಂಪರ್ಕಿಸಬಹುದು ಎಂದು ಯುವ ಸಬಲೀಕರಣ ಮತ್ತು ಕ್ರೀಡಾ ಇಲಾಖೆಯ ಸಹಾಯಕ ನಿರ್ದೇಶಕರು ಪ್ರಕಟಣೆಯಲ್ಲಿ ತಿಳಿಸಿದ್ದಾರೆ.
